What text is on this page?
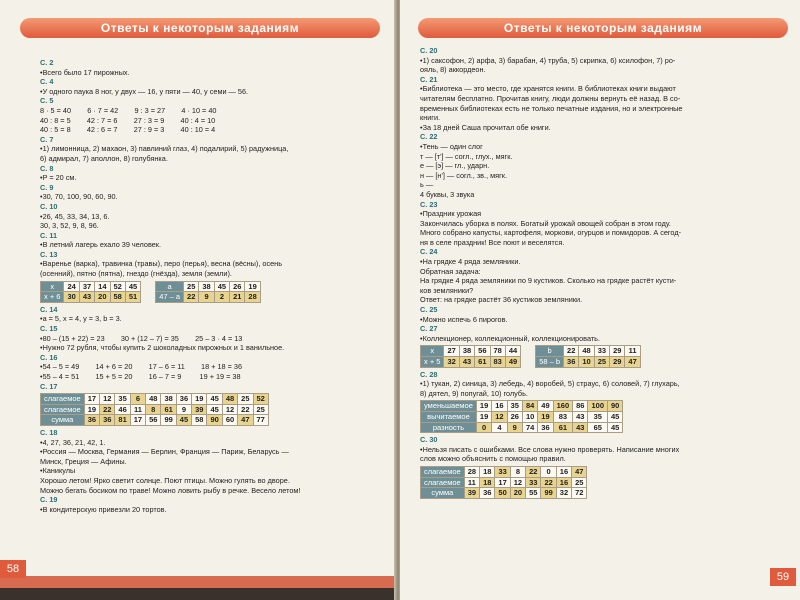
Ответы к некоторым заданиям
С. 2
• Всего было 17 пирожных.
С. 4
• У одного паука 8 ног, у двух — 16, у пяти — 40, у семи — 56.
С. 5
8 · 5 = 40        6 · 7 = 42        9 : 3 = 27        4 · 10 = 40
40 : 8 = 5        42 : 7 = 6        27 : 3 = 9        40 : 4 = 10
40 : 5 = 8        42 : 6 = 7        27 : 9 = 3        40 : 10 = 4
С. 7
• 1) лимонница, 2) махаон, 3) павлиний глаз, 4) подалирий, 5) радужница,
6) адмирал, 7) аполлон, 8) голубянка.
С. 8
• P = 20 см.
С. 9
• 30, 70, 100, 90, 60, 90.
С. 10
• 26, 45, 33, 34, 13, 6.
30, 3, 52, 9, 8, 96.
С. 11
• В летний лагерь ехало 39 человек.
С. 13
• Варенье (варка), травинка (травы), перо (перья), весна (вёсны), осень
(осенний), пятно (пятна), гнездо (гнёзда), земля (земли).
x	24	37	14	52	45
x + 6	30	43	20	58	51
а	25	38	45	26	19
47 – а	22	9	2	21	28
С. 14
• a = 5, x = 4, y = 3, b = 3.
С. 15
• 80 – (15 + 22) = 23        30 + (12 – 7) = 35        25 – 3 · 4 = 13
• Нужно 72 рубля, чтобы купить 2 шоколадных пирожных и 1 ванильное.
С. 16
• 54 – 5 = 49        14 + 6 = 20        17 – 6 = 11        18 + 18 = 36
• 55 – 4 = 51        15 + 5 = 20        16 – 7 = 9         19 + 19 = 38
С. 17
слагаемое	17	12	35	6	48	38	36	19	45	48	25	52
слагаемое	19	22	46	11	8	61	9	39	45	12	22	25
сумма	36	36	81	17	56	99	45	58	90	60	47	77
С. 18
• 4, 27, 36, 21, 42, 1.
• Россия — Москва, Германия — Берлин, Франция — Париж, Беларусь —
Минск, Греция — Афины.
• Каникулы
Хорошо летом! Ярко светит солнце. Поют птицы. Можно гулять во дворе.
Можно бегать босиком по траве! Можно ловить рыбу в речке. Весело летом!
С. 19
• В кондитерскую привезли 20 тортов.
58
Ответы к некоторым заданиям
С. 20
• 1) саксофон, 2) арфа, 3) барабан, 4) труба, 5) скрипка, 6) ксилофон, 7) ро-
ояль, 8) аккордеон.
С. 21
• Библиотека — это место, где хранятся книги. В библиотеках книги выдают
читателям бесплатно. Прочитав книгу, люди должны вернуть её назад. В со-
временных библиотеках есть не только печатные издания, но и электронные
книги.
• За 18 дней Саша прочитал обе книги.
С. 22
• Тень — один слог
т — [т'] — согл., глух., мягк.
е — [э] — гл., ударн.
н — [н'] — согл., зв., мягк.
ь —
4 буквы, 3 звука
С. 23
• Праздник урожая
Закончилась уборка в полях. Богатый урожай овощей собран в этом году.
Много собрано капусты, картофеля, моркови, огурцов и помидоров. А сегод-
ня в селе праздник! Все поют и веселятся.
С. 24
• На грядке 4 ряда земляники.
Обратная задача:
На грядке 4 ряда земляники по 9 кустиков. Сколько на грядке растёт кусти-
ков земляники?
Ответ: на грядке растёт 36 кустиков земляники.
С. 25
• Можно испечь 6 пирогов.
С. 27
• Коллекционер, коллекционный, коллекционировать.
x	27	38	56	78	44
x + 5	32	43	61	83	49
b	22	48	33	29	11
58 – b	36	10	25	29	47
С. 28
• 1) тукан, 2) синица, 3) лебедь, 4) воробей, 5) страус, 6) соловей, 7) глухарь,
8) дятел, 9) попугай, 10) голубь.
уменьшаемое	19	16	35	84	49	160	86	100	90
вычитаемое	19	12	26	10	19	83	43	35	45
разность	0	4	9	74	36	61	43	65	45
С. 30
• Нельзя писать с ошибками. Все слова нужно проверять. Написание многих
слов можно объяснить с помощью правил.
слагаемое	28	18	33	8	22	0	16	47
слагаемое	11	18	17	12	33	22	16	25
сумма	39	36	50	20	55	99	32	72
59
